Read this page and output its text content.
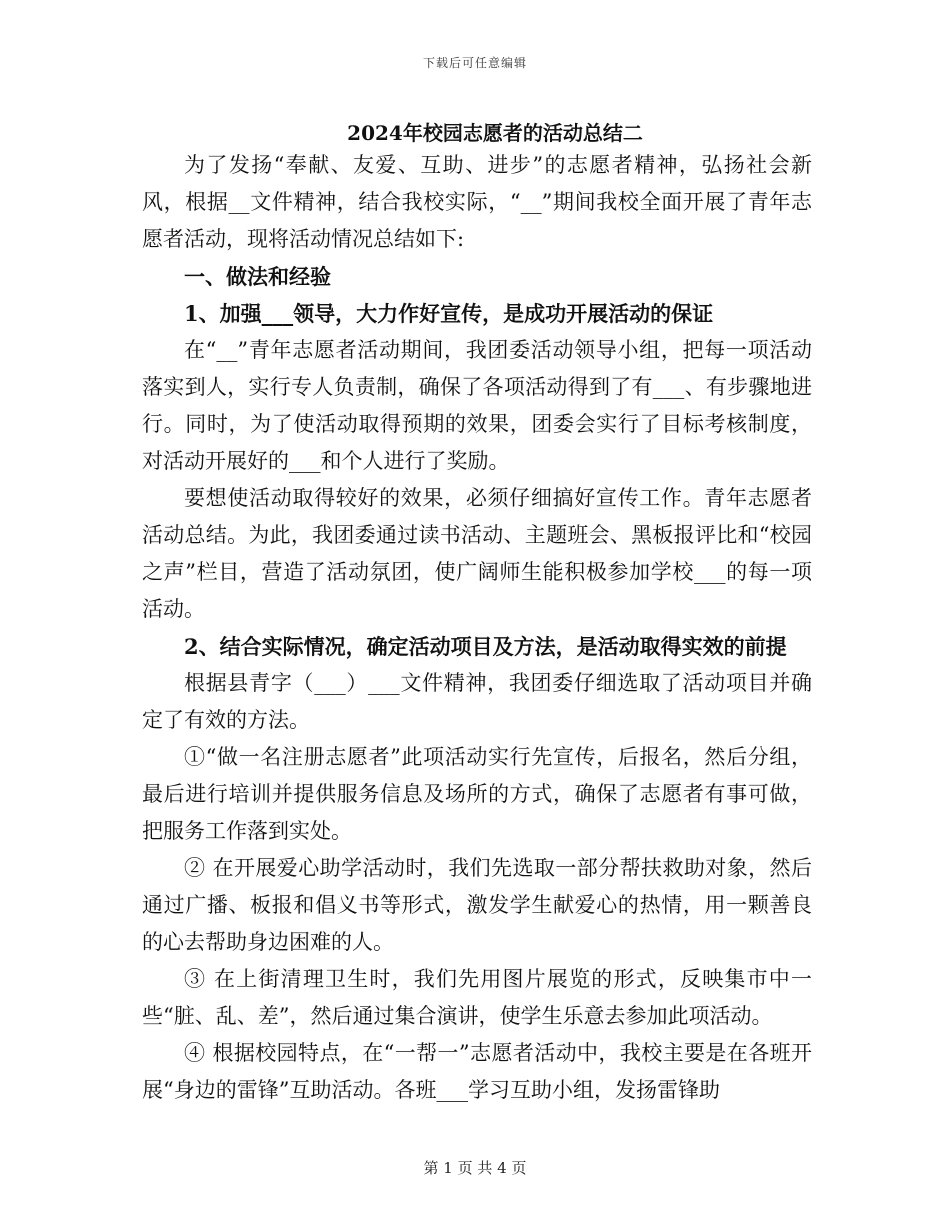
下载后可任意编辑
2024年校园志愿者的活动总结二

为了发扬“奉献、友爱、互助、进步”的志愿者精神，弘扬社会新风，根据__文件精神，结合我校实际，“__”期间我校全面开展了青年志愿者活动，现将活动情况总结如下:

一、做法和经验

1、加强___领导，大力作好宣传，是成功开展活动的保证

在“__”青年志愿者活动期间，我团委活动领导小组，把每一项活动落实到人，实行专人负责制，确保了各项活动得到了有___、有步骤地进行。同时，为了使活动取得预期的效果，团委会实行了目标考核制度，对活动开展好的___和个人进行了奖励。

要想使活动取得较好的效果，必须仔细搞好宣传工作。青年志愿者活动总结。为此，我团委通过读书活动、主题班会、黑板报评比和“校园之声”栏目，营造了活动氛团，使广阔师生能积极参加学校___的每一项活动。

2、结合实际情况，确定活动项目及方法，是活动取得实效的前提

根据县青字（___）___文件精神，我团委仔细选取了活动项目并确定了有效的方法。

①“做一名注册志愿者”此项活动实行先宣传，后报名，然后分组，最后进行培训并提供服务信息及场所的方式，确保了志愿者有事可做，把服务工作落到实处。

② 在开展爱心助学活动时，我们先选取一部分帮扶救助对象，然后通过广播、板报和倡义书等形式，激发学生献爱心的热情，用一颗善良的心去帮助身边困难的人。

③ 在上街清理卫生时，我们先用图片展览的形式，反映集市中一些“脏、乱、差”，然后通过集合演讲，使学生乐意去参加此项活动。

④ 根据校园特点，在“一帮一”志愿者活动中，我校主要是在各班开展“身边的雷锋”互助活动。各班___学习互助小组，发扬雷锋助

第 1 页 共 4 页
